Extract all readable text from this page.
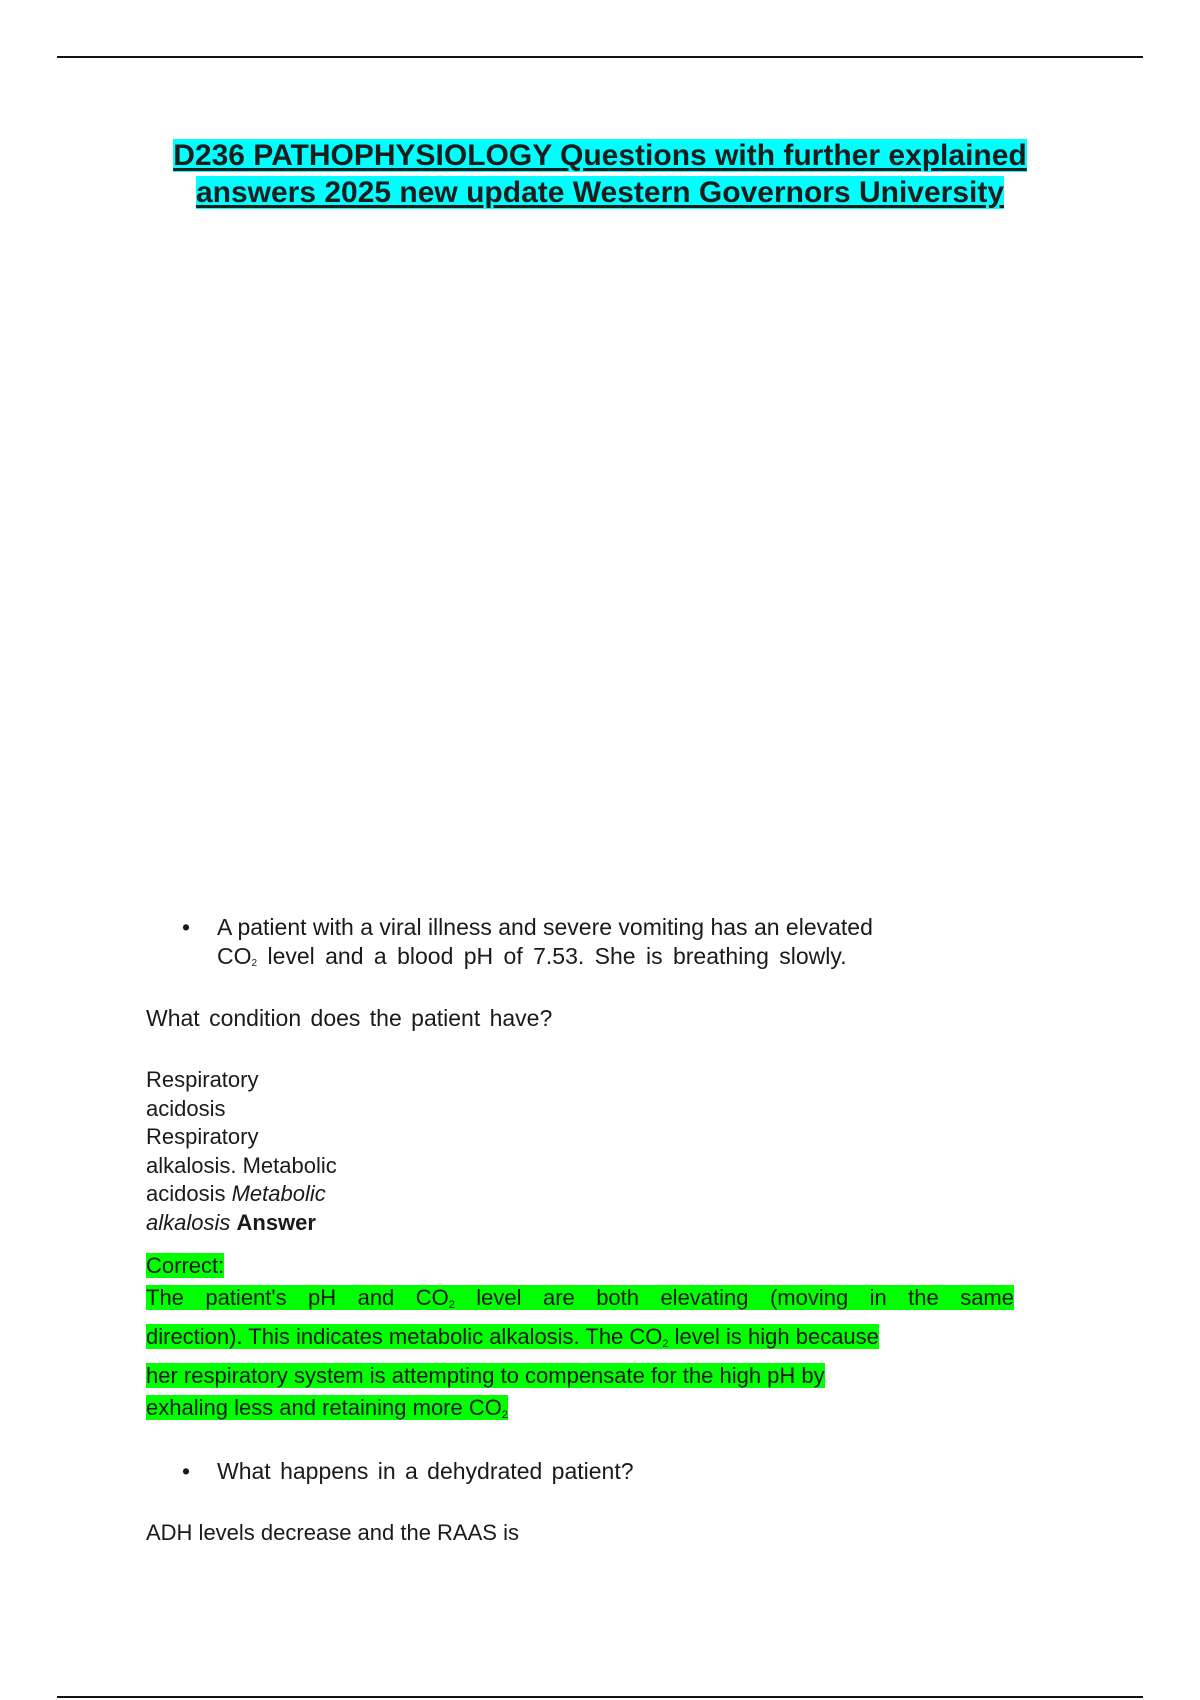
D236 PATHOPHYSIOLOGY Questions with further explained
answers 2025 new update Western Governors University
• A patient with a viral illness and severe vomiting has an elevated
$CO_2$ level and a blood pH of 7.53. She is breathing slowly.
What condition does the patient have?
Respiratory
acidosis
Respiratory
alkalosis. Metabolic
acidosis Metabolic
alkalosis Answer
Correct:
The patient's pH and CO2 level are both elevating (moving in the same
direction). This indicates metabolic alkalosis. The CO2 level is high because
her respiratory system is attempting to compensate for the high pH by
exhaling less and retaining more CO2
• What happens in a dehydrated patient?
ADH levels decrease and the RAAS is
